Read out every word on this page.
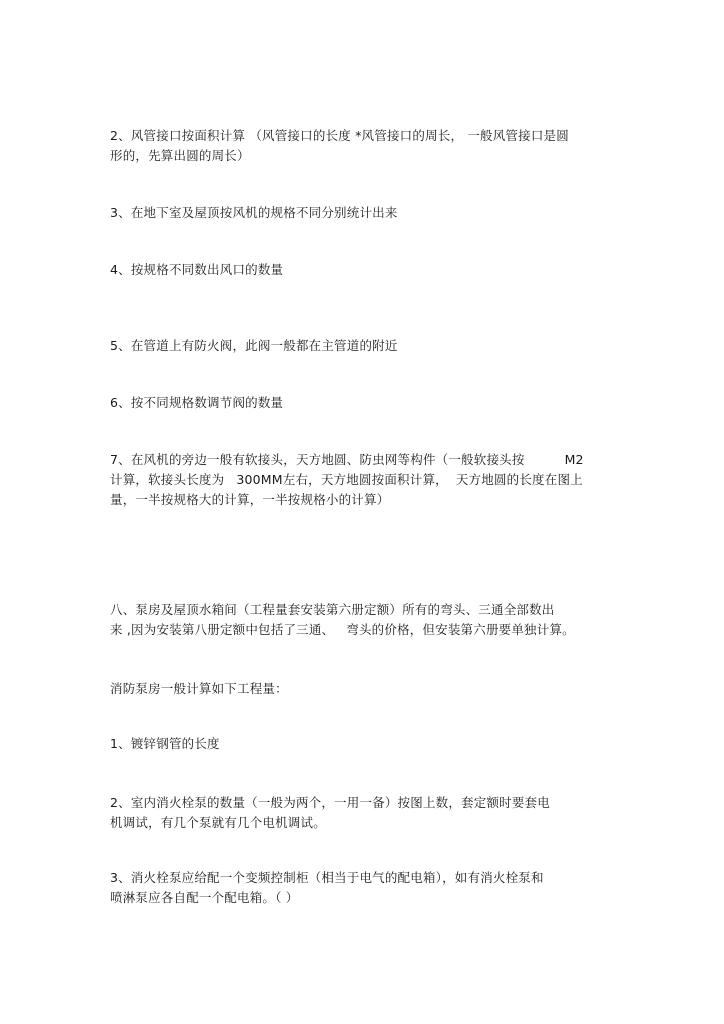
2、风管接口按面积计算 （风管接口的长度 *风管接口的周长， 一般风管接口是圆
形的，先算出圆的周长）

3、在地下室及屋顶按风机的规格不同分别统计出来

4、按规格不同数出风口的数量

5、在管道上有防火阀，此阀一般都在主管道的附近

6、按不同规格数调节阀的数量

7、在风机的旁边一般有软接头，天方地圆、防虫网等构件（一般软接头按	M2
计算，软接头长度为 300MM左右，天方地圆按面积计算， 天方地圆的长度在图上
量，一半按规格大的计算，一半按规格小的计算）

八、泵房及屋顶水箱间（工程量套安装第六册定额）所有的弯头、三通全部数出
来 ,因为安装第八册定额中包括了三通、 弯头的价格，但安装第六册要单独计算。

消防泵房一般计算如下工程量：

1、镀锌钢管的长度

2、室内消火栓泵的数量（一般为两个，一用一备）按图上数，套定额时要套电
机调试，有几个泵就有几个电机调试。

3、消火栓泵应给配一个变频控制柜（相当于电气的配电箱），如有消火栓泵和
喷淋泵应各自配一个配电箱。（ ）
